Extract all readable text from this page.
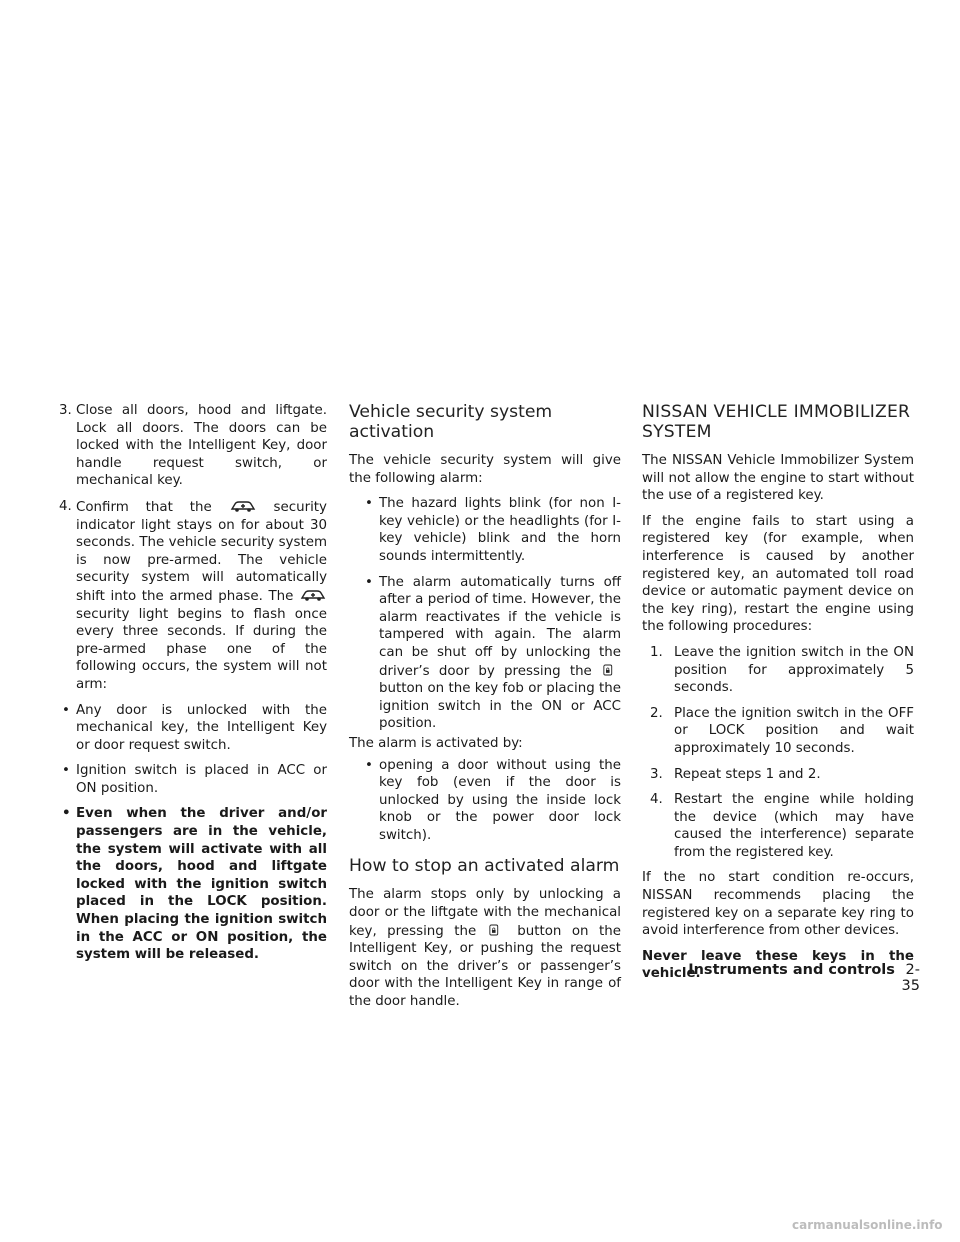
3. Close all doors, hood and liftgate. Lock all doors. The doors can be locked with the Intelligent Key, door handle request switch, or mechanical key.
4. Confirm that the	security indicator light stays on for about 30 seconds. The vehicle security system is now pre-armed. The vehicle security system will automatically shift into the armed phase. The  security light begins to flash once every three seconds. If during the pre-armed phase one of the following occurs, the system will not arm:
• Any door is unlocked with the mechanical key, the Intelligent Key or door request switch.
• Ignition switch is placed in ACC or ON position.
• Even when the driver and/or passengers are in the vehicle, the system will activate with all the doors, hood and liftgate locked with the ignition switch placed in the LOCK position. When placing the ignition switch in the ACC or ON position, the system will be released.
Vehicle security system activation

The vehicle security system will give the following alarm:

• The hazard lights blink (for non I-key vehicle) or the headlights (for I-key vehicle) blink and the horn sounds intermittently.
• The alarm automatically turns off after a period of time. However, the alarm reactivates if the vehicle is tampered with again. The alarm can be shut off by unlocking the driver’s door by pressing the  button on the key fob or placing the ignition switch in the ON or ACC position.

The alarm is activated by:

• opening a door without using the key fob (even if the door is unlocked by using the inside lock knob or the power door lock switch).
How to stop an activated alarm

The alarm stops only by unlocking a door or the liftgate with the mechanical key, pressing the	button on the Intelligent Key, or pushing the request switch on the driver’s or passenger’s door with the Intelligent Key in range of the door handle.

NISSAN VEHICLE IMMOBILIZER SYSTEM

The NISSAN Vehicle Immobilizer System will not allow the engine to start without the use of a registered key.

If the engine fails to start using a registered key (for example, when interference is caused by another registered key, an automated toll road device or automatic payment device on the key ring), restart the engine using the following procedures:

1. Leave the ignition switch in the ON position for approximately 5 seconds.
2. Place the ignition switch in the OFF or LOCK position and wait approximately 10 seconds.
3. Repeat steps 1 and 2.
4. Restart the engine while holding the device (which may have caused the interference) separate from the registered key.

If the no start condition re-occurs, NISSAN recommends placing the registered key on a separate key ring to avoid interference from other devices.

Never leave these keys in the vehicle.

Instruments and controls 2-35
carmanualsonline.info
